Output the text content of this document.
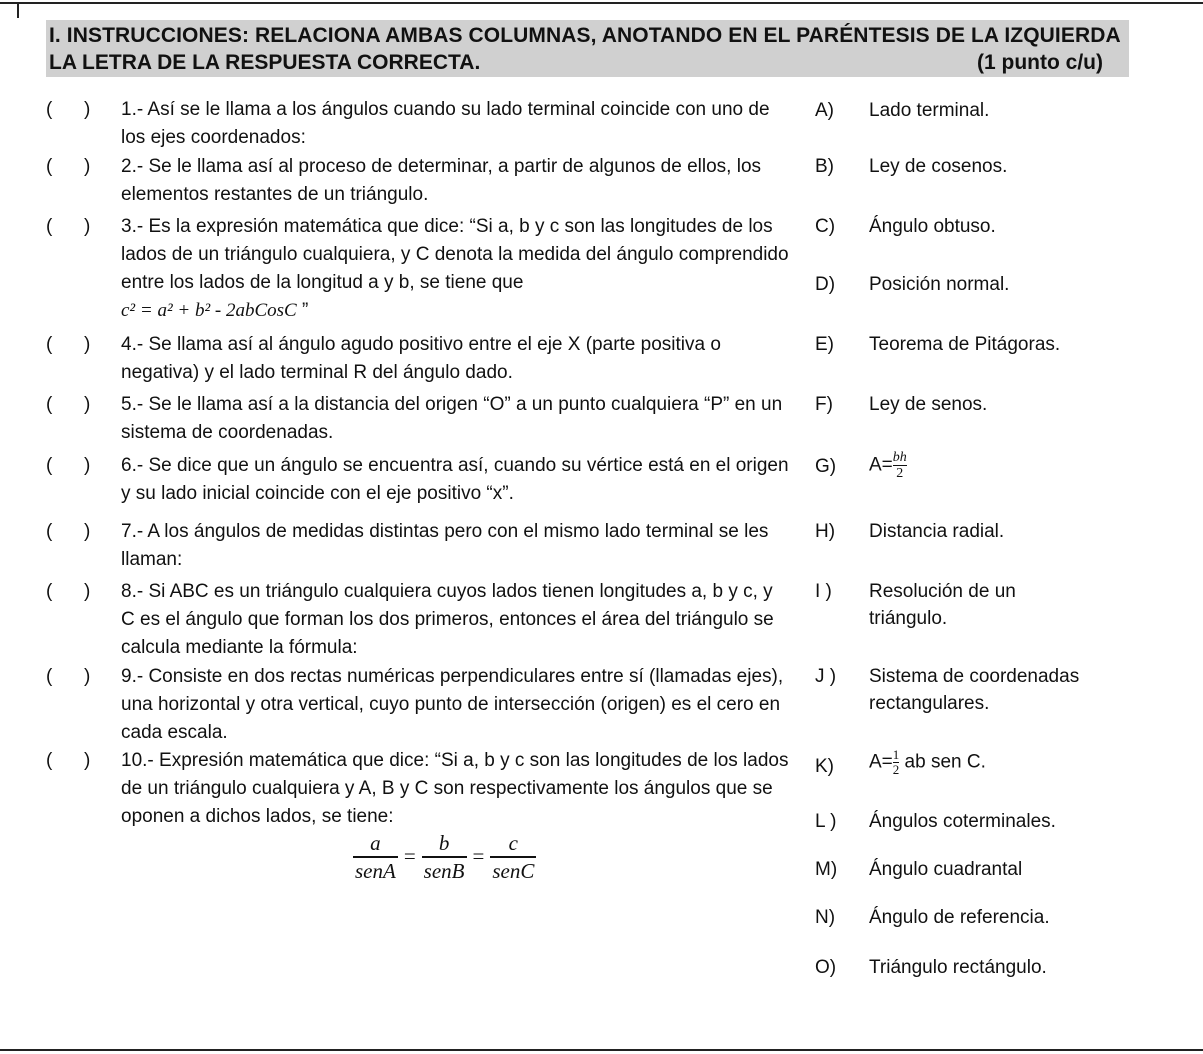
I. INSTRUCCIONES: RELACIONA AMBAS COLUMNAS, ANOTANDO EN EL PARÉNTESIS DE LA IZQUIERDA
LA LETRA DE LA RESPUESTA CORRECTA.	(1 punto c/u)
(      )	1.- Así se le llama a los ángulos cuando su lado terminal coincide con uno de los ejes coordenados:
(      )	2.- Se le llama así al proceso de determinar, a partir de algunos de ellos, los elementos restantes de un triángulo.
(      )	3.- Es la expresión matemática que dice: “Si a, b y c son las longitudes de los lados de un triángulo cualquiera, y C denota la medida del ángulo comprendido entre los lados de la longitud a y b, se tiene que
c² = a² + b² - 2abCosC ”
(      )	4.- Se llama así al ángulo agudo positivo entre el eje X (parte positiva o negativa) y el lado terminal R del ángulo dado.
(      )	5.- Se le llama así a la distancia del origen “O” a un punto cualquiera “P” en un sistema de coordenadas.
(      )	6.- Se dice que un ángulo se encuentra así, cuando su vértice está en el origen y su lado inicial coincide con el eje positivo “x”.
(      )	7.- A los ángulos de medidas distintas pero con el mismo lado terminal se les llaman:
(      )	8.- Si ABC es un triángulo cualquiera cuyos lados tienen longitudes a, b y c, y C es el ángulo que forman los dos primeros, entonces el área del triángulo se calcula mediante la fórmula:
(      )	9.- Consiste en dos rectas numéricas perpendiculares entre sí (llamadas ejes), una horizontal y otra vertical, cuyo punto de intersección (origen) es el cero en cada escala.
(      )	10.- Expresión matemática que dice: “Si a, b y c son las longitudes de los lados de un triángulo cualquiera y A, B y C son respectivamente los ángulos que se oponen a dichos lados, se tiene:
a
senA
=
b
senB
=
c
senC
A)	Lado terminal.
B)	Ley de cosenos.
C)	Ángulo obtuso.
D)	Posición normal.
E)	Teorema de Pitágoras.
F)	Ley de senos.
G)	$A= \frac{bh}{2}$
H)	Distancia radial.
I )	Resolución de un triángulo.
J )	Sistema de coordenadas rectangulares.
K)	$A= \frac{1}{2}$ ab sen C.
L )	Ángulos coterminales.
M)	Ángulo cuadrantal
N)	Ángulo de referencia.
O)	Triángulo rectángulo.
